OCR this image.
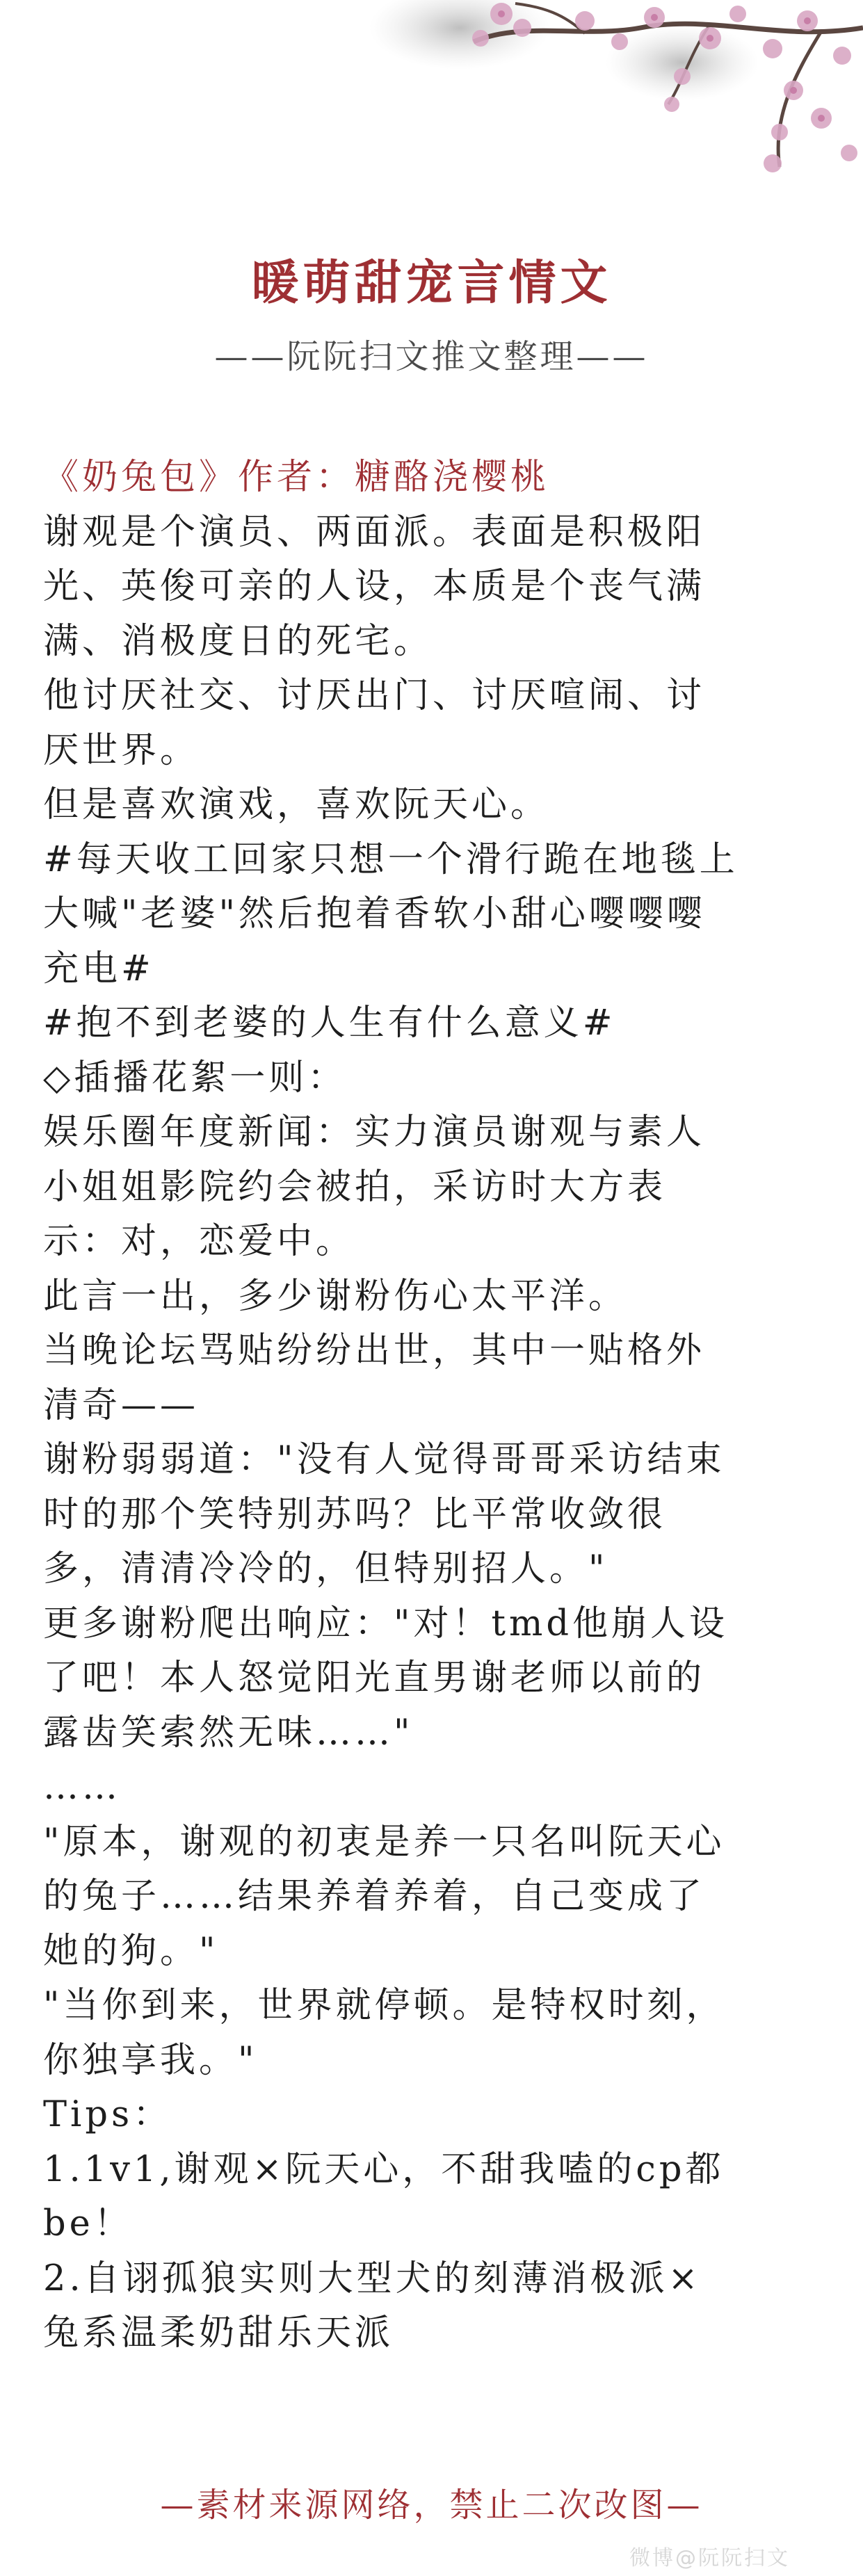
暖萌甜宠言情文
——阮阮扫文推文整理——
《奶兔包》作者：糖酪浇樱桃
谢观是个演员、两面派。表面是积极阳
光、英俊可亲的人设，本质是个丧气满
满、消极度日的死宅。
他讨厌社交、讨厌出门、讨厌喧闹、讨
厌世界。
但是喜欢演戏，喜欢阮天心。
#每天收工回家只想一个滑行跪在地毯上
大喊"老婆"然后抱着香软小甜心嘤嘤嘤
充电#
#抱不到老婆的人生有什么意义#
◇插播花絮一则：
娱乐圈年度新闻：实力演员谢观与素人
小姐姐影院约会被拍，采访时大方表
示：对，恋爱中。
此言一出，多少谢粉伤心太平洋。
当晚论坛骂贴纷纷出世，其中一贴格外
清奇——
谢粉弱弱道："没有人觉得哥哥采访结束
时的那个笑特别苏吗？比平常收敛很
多，清清冷冷的，但特别招人。"
更多谢粉爬出响应："对！tmd他崩人设
了吧！本人怒觉阳光直男谢老师以前的
露齿笑索然无味……"
……
"原本，谢观的初衷是养一只名叫阮天心
的兔子……结果养着养着，自己变成了
她的狗。"
"当你到来，世界就停顿。是特权时刻，
你独享我。"
Tips：
1.1v1,谢观×阮天心，不甜我嗑的cp都
be！
2.自诩孤狼实则大型犬的刻薄消极派×
兔系温柔奶甜乐天派
—素材来源网络，禁止二次改图—
微博@阮阮扫文
